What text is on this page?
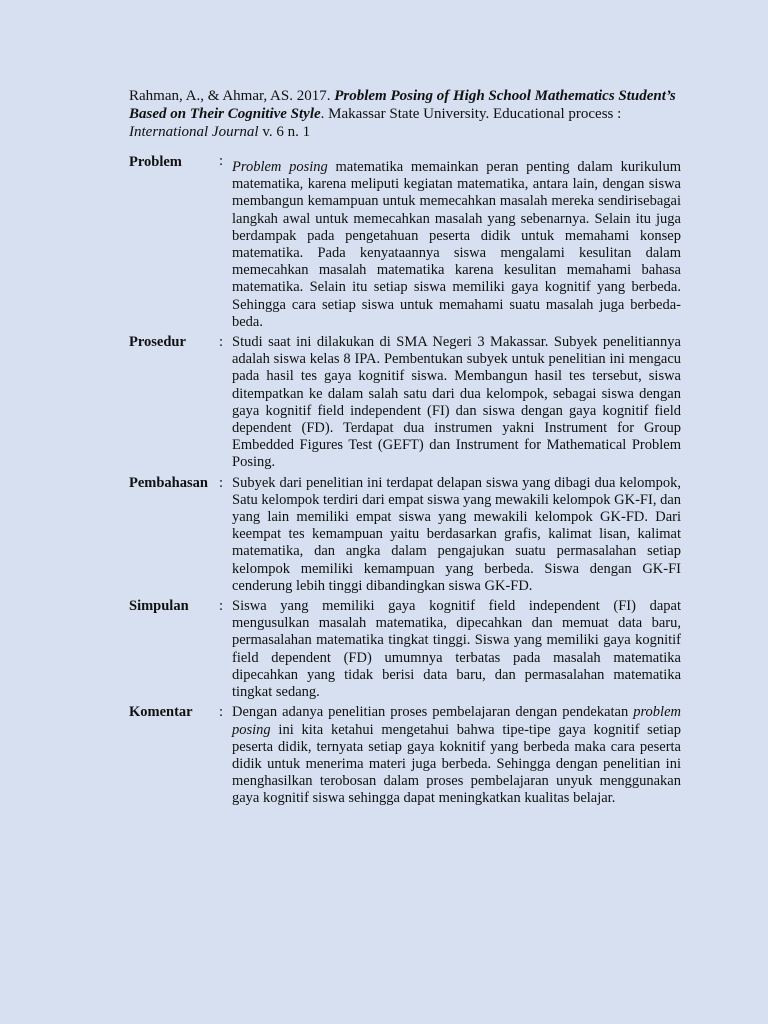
Rahman, A., & Ahmar, AS. 2017. Problem Posing of High School Mathematics Student’s Based on Their Cognitive Style. Makassar State University. Educational process : International Journal v. 6 n. 1
Problem	: Problem posing matematika memainkan peran penting dalam kurikulum matematika, karena meliputi kegiatan matematika, antara lain, dengan siswa membangun kemampuan untuk memecahkan masalah mereka sendirisebagai langkah awal untuk memecahkan masalah yang sebenarnya. Selain itu juga berdampak pada pengetahuan peserta didik untuk memahami konsep matematika. Pada kenyataannya siswa mengalami kesulitan dalam memecahkan masalah matematika karena kesulitan memahami bahasa matematika. Selain itu setiap siswa memiliki gaya kognitif yang berbeda. Sehingga cara setiap siswa untuk memahami suatu masalah juga berbeda-beda.
Prosedur	: Studi saat ini dilakukan di SMA Negeri 3 Makassar. Subyek penelitiannya adalah siswa kelas 8 IPA. Pembentukan subyek untuk penelitian ini mengacu pada hasil tes gaya kognitif siswa. Membangun hasil tes tersebut, siswa ditempatkan ke dalam salah satu dari dua kelompok, sebagai siswa dengan gaya kognitif field independent (FI) dan siswa dengan gaya kognitif field dependent (FD). Terdapat dua instrumen yakni Instrument for Group Embedded Figures Test (GEFT) dan Instrument for Mathematical Problem Posing.
Pembahasan : Subyek dari penelitian ini terdapat delapan siswa yang dibagi dua kelompok, Satu kelompok terdiri dari empat siswa yang mewakili kelompok GK-FI, dan yang lain memiliki empat siswa yang mewakili kelompok GK-FD. Dari keempat tes kemampuan yaitu berdasarkan grafis, kalimat lisan, kalimat matematika, dan angka dalam pengajukan suatu permasalahan setiap kelompok memiliki kemampuan yang berbeda. Siswa dengan GK-FI cenderung lebih tinggi dibandingkan siswa GK-FD.
Simpulan	: Siswa yang memiliki gaya kognitif field independent (FI) dapat mengusulkan masalah matematika, dipecahkan dan memuat data baru, permasalahan matematika tingkat tinggi. Siswa yang memiliki gaya kognitif field dependent (FD) umumnya terbatas pada masalah matematika dipecahkan yang tidak berisi data baru, dan permasalahan matematika tingkat sedang.
Komentar	: Dengan adanya penelitian proses pembelajaran dengan pendekatan problem posing ini kita ketahui mengetahui bahwa tipe-tipe gaya kognitif setiap peserta didik, ternyata setiap gaya koknitif yang berbeda maka cara peserta didik untuk menerima materi juga berbeda. Sehingga dengan penelitian ini menghasilkan terobosan dalam proses pembelajaran unyuk menggunakan gaya kognitif siswa sehingga dapat meningkatkan kualitas belajar.
